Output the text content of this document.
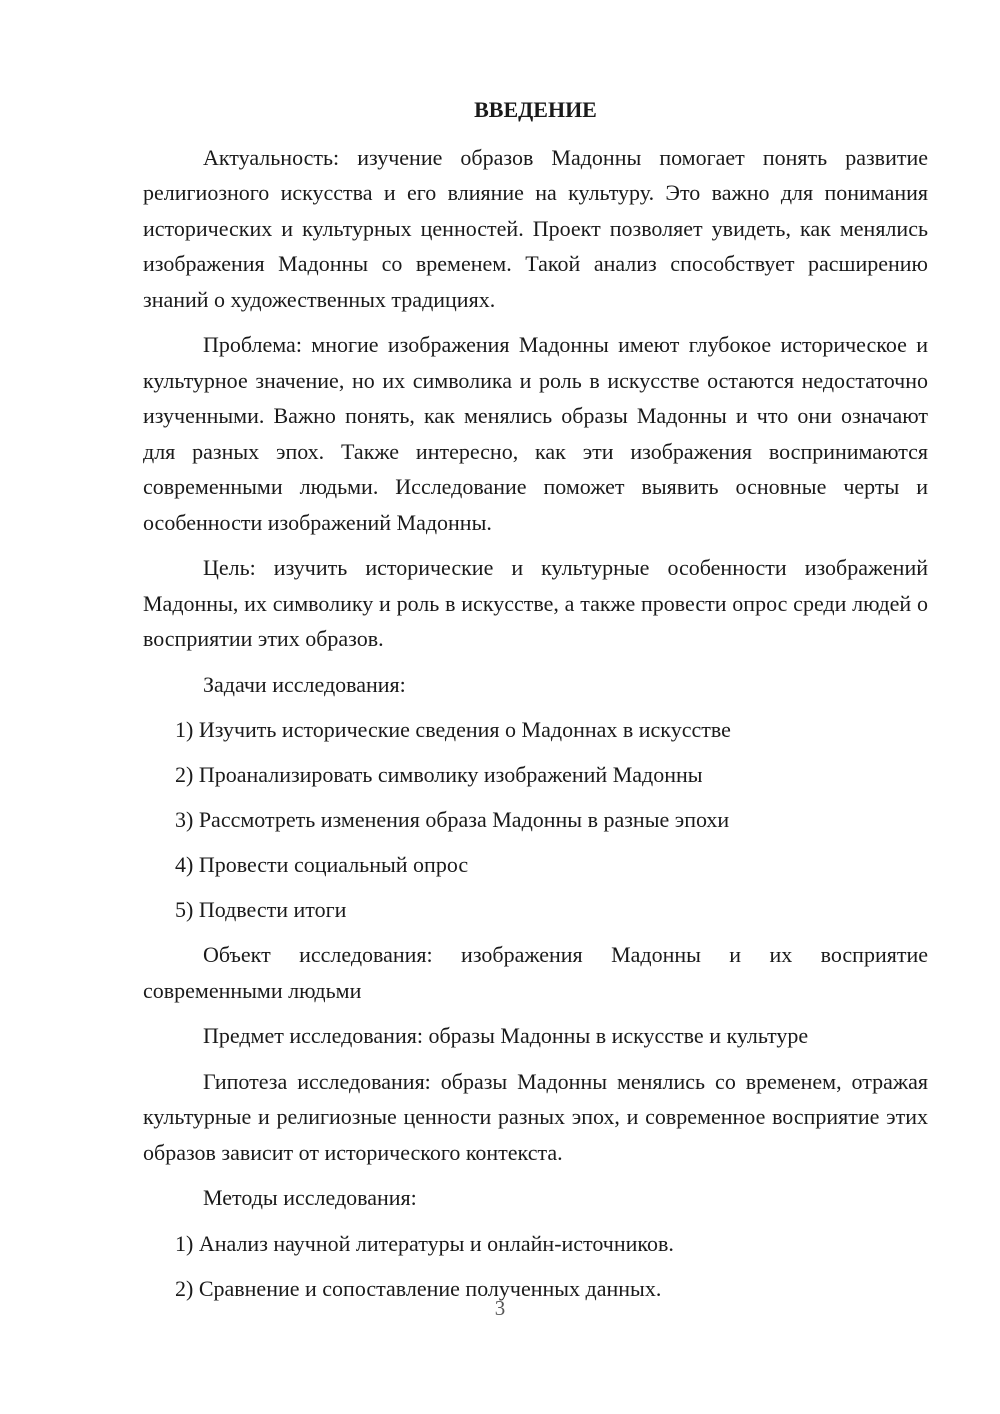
ВВЕДЕНИЕ

Актуальность: изучение образов Мадонны помогает понять развитие религиозного искусства и его влияние на культуру. Это важно для понимания исторических и культурных ценностей. Проект позволяет увидеть, как менялись изображения Мадонны со временем. Такой анализ способствует расширению знаний о художественных традициях.

Проблема: многие изображения Мадонны имеют глубокое историческое и культурное значение, но их символика и роль в искусстве остаются недостаточно изученными. Важно понять, как менялись образы Мадонны и что они означают для разных эпох. Также интересно, как эти изображения воспринимаются современными людьми. Исследование поможет выявить основные черты и особенности изображений Мадонны.

Цель: изучить исторические и культурные особенности изображений Мадонны, их символику и роль в искусстве, а также провести опрос среди людей о восприятии этих образов.

Задачи исследования:

1) Изучить исторические сведения о Мадоннах в искусстве
2) Проанализировать символику изображений Мадонны
3) Рассмотреть изменения образа Мадонны в разные эпохи
4) Провести социальный опрос
5) Подвести итоги

Объект исследования: изображения Мадонны и их восприятие современными людьми

Предмет исследования: образы Мадонны в искусстве и культуре

Гипотеза исследования: образы Мадонны менялись со временем, отражая культурные и религиозные ценности разных эпох, и современное восприятие этих образов зависит от исторического контекста.

Методы исследования:

1) Анализ научной литературы и онлайн-источников.
2) Сравнение и сопоставление полученных данных.
3
